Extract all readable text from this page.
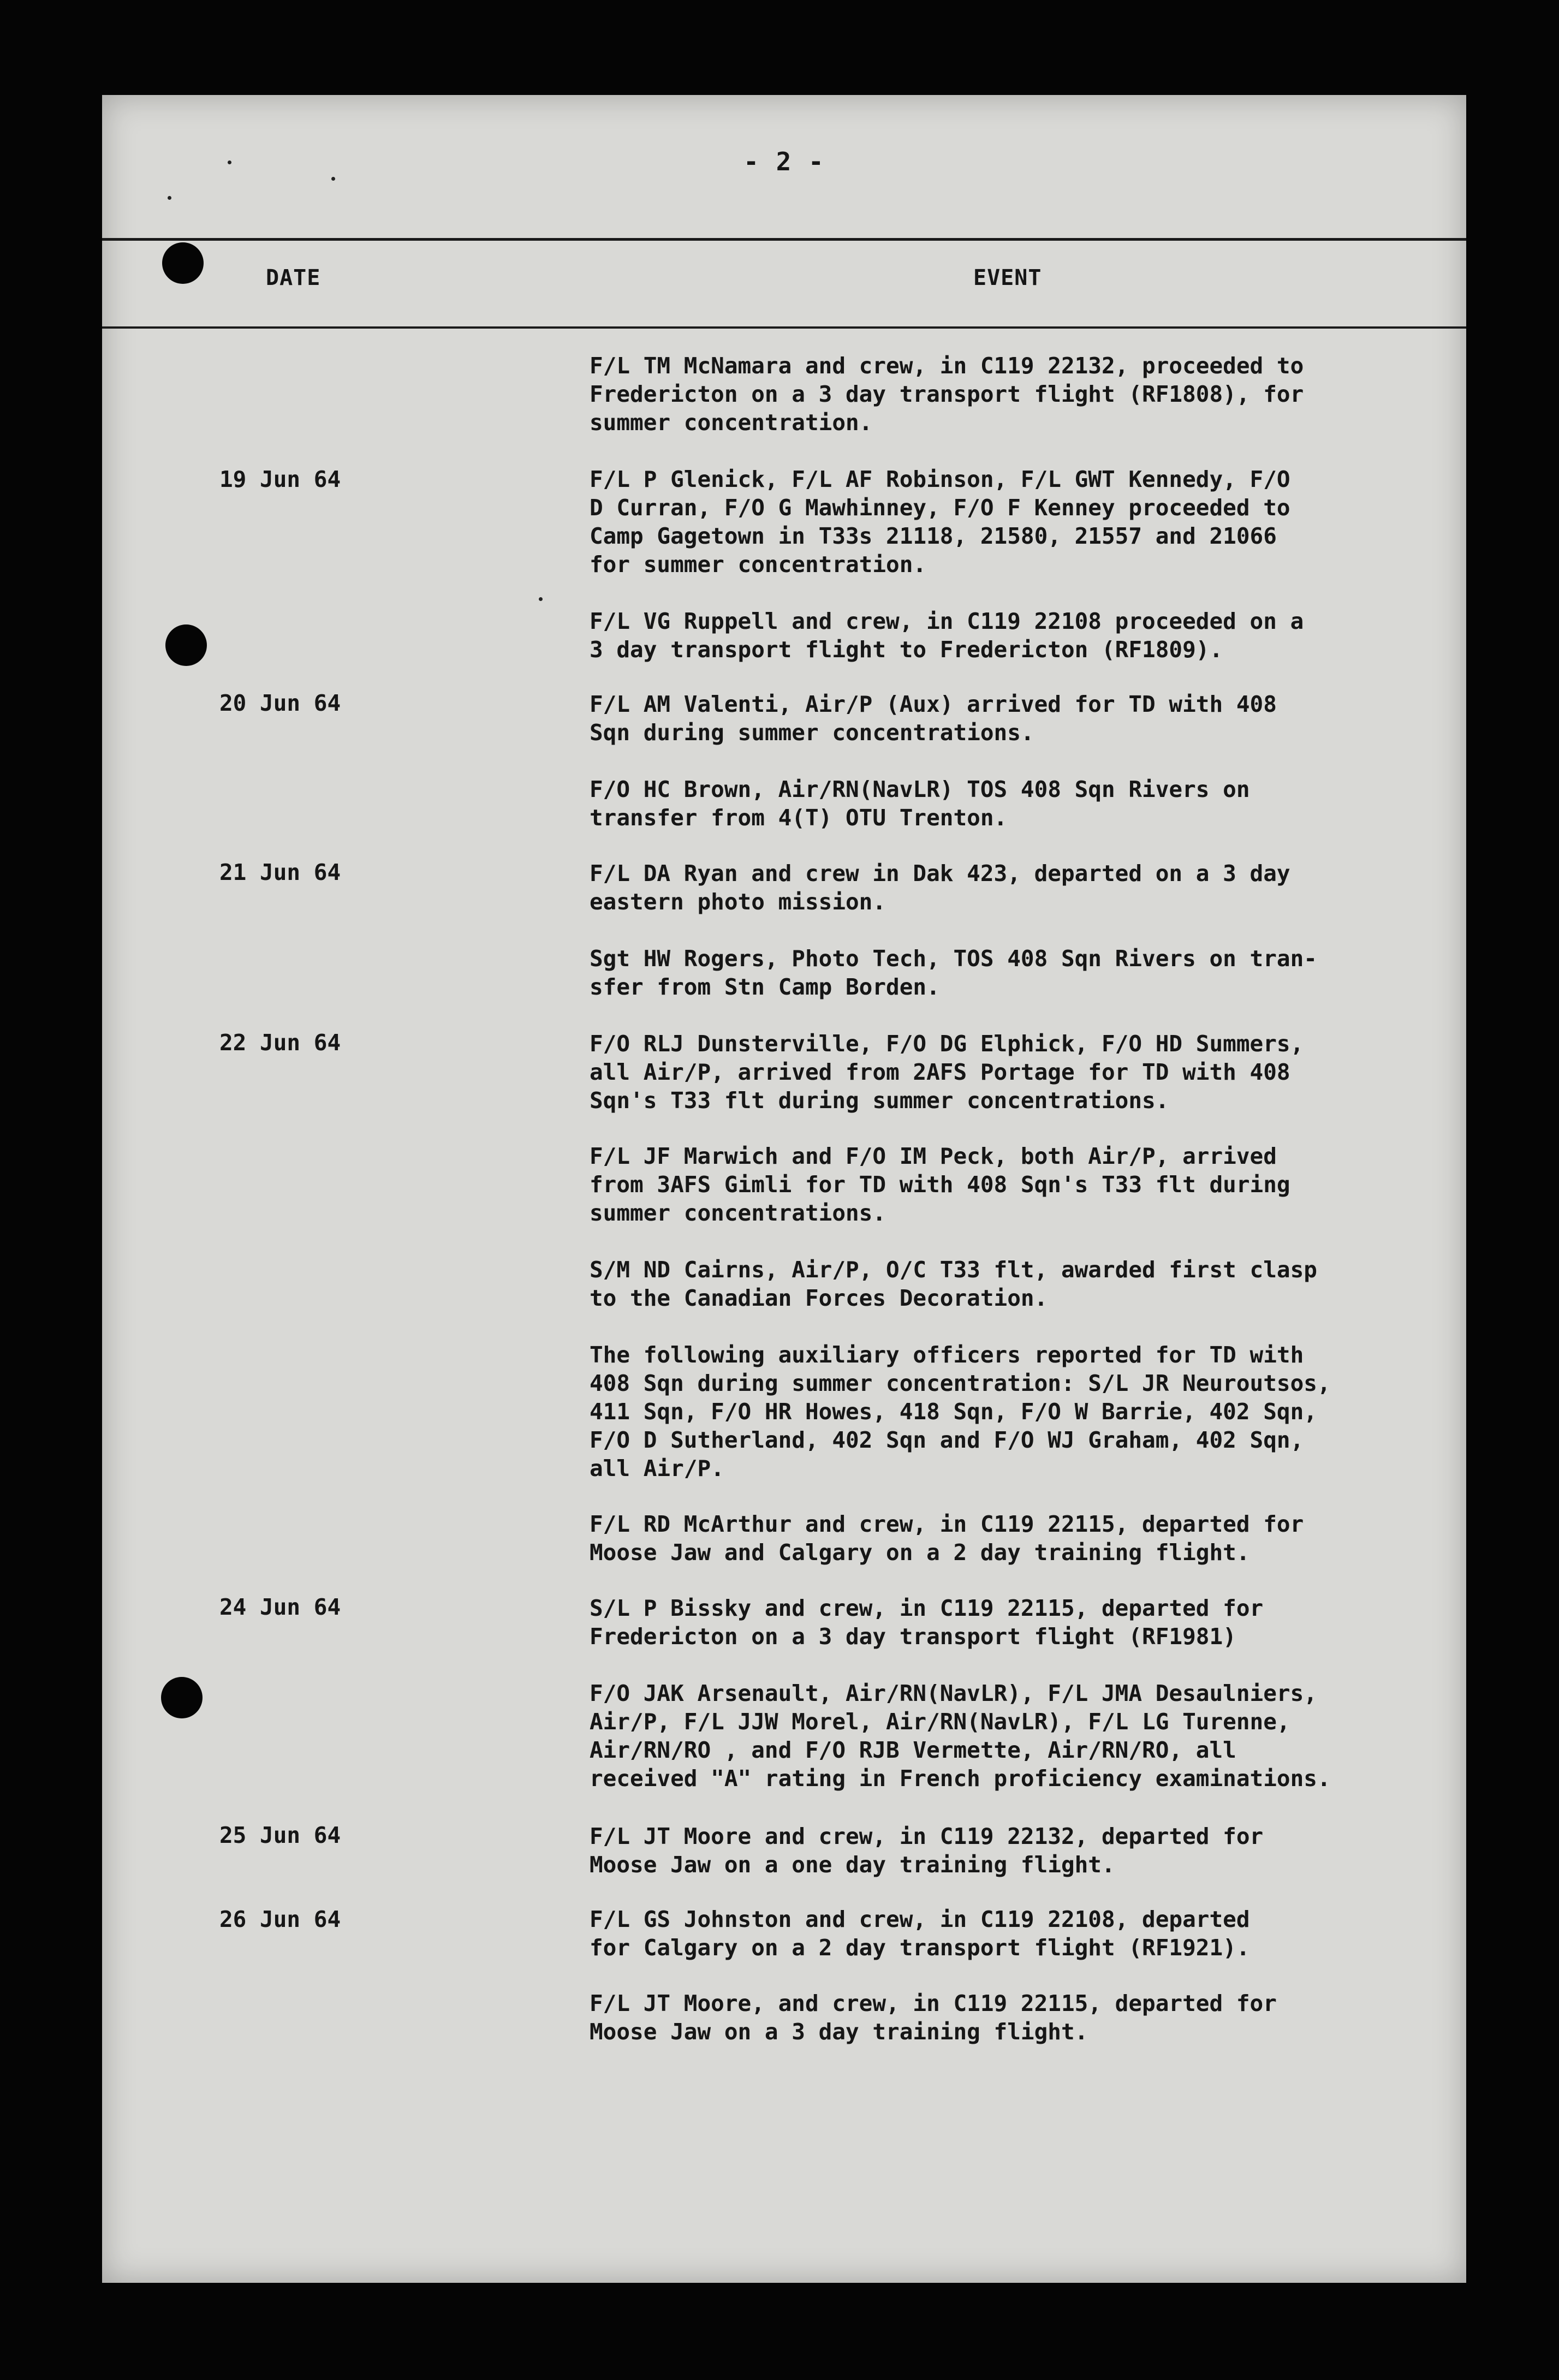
- 2 -
DATE	EVENT
F/L TM McNamara and crew, in C119 22132, proceeded to
Fredericton on a 3 day transport flight (RF1808), for
summer concentration.
19 Jun 64	F/L P Glenick, F/L AF Robinson, F/L GWT Kennedy, F/O
D Curran, F/O G Mawhinney, F/O F Kenney proceeded to
Camp Gagetown in T33s 21118, 21580, 21557 and 21066
for summer concentration.
F/L VG Ruppell and crew, in C119 22108 proceeded on a
3 day transport flight to Fredericton (RF1809).
20 Jun 64	F/L AM Valenti, Air/P (Aux) arrived for TD with 408
Sqn during summer concentrations.
F/O HC Brown, Air/RN(NavLR) TOS 408 Sqn Rivers on
transfer from 4(T) OTU Trenton.
21 Jun 64	F/L DA Ryan and crew in Dak 423, departed on a 3 day
eastern photo mission.
Sgt HW Rogers, Photo Tech, TOS 408 Sqn Rivers on tran-
sfer from Stn Camp Borden.
22 Jun 64	F/O RLJ Dunsterville, F/O DG Elphick, F/O HD Summers,
all Air/P, arrived from 2AFS Portage for TD with 408
Sqn's T33 flt during summer concentrations.
F/L JF Marwich and F/O IM Peck, both Air/P, arrived
from 3AFS Gimli for TD with 408 Sqn's T33 flt during
summer concentrations.
S/M ND Cairns, Air/P, O/C T33 flt, awarded first clasp
to the Canadian Forces Decoration.
The following auxiliary officers reported for TD with
408 Sqn during summer concentration: S/L JR Neuroutsos,
411 Sqn, F/O HR Howes, 418 Sqn, F/O W Barrie, 402 Sqn,
F/O D Sutherland, 402 Sqn and F/O WJ Graham, 402 Sqn,
all Air/P.
F/L RD McArthur and crew, in C119 22115, departed for
Moose Jaw and Calgary on a 2 day training flight.
24 Jun 64	S/L P Bissky and crew, in C119 22115, departed for
Fredericton on a 3 day transport flight (RF1981)
F/O JAK Arsenault, Air/RN(NavLR), F/L JMA Desaulniers,
Air/P, F/L JJW Morel, Air/RN(NavLR), F/L LG Turenne,
Air/RN/RO , and F/O RJB Vermette, Air/RN/RO, all
received "A" rating in French proficiency examinations.
25 Jun 64	F/L JT Moore and crew, in C119 22132, departed for
Moose Jaw on a one day training flight.
26 Jun 64	F/L GS Johnston and crew, in C119 22108, departed
for Calgary on a 2 day transport flight (RF1921).
F/L JT Moore, and crew, in C119 22115, departed for
Moose Jaw on a 3 day training flight.
